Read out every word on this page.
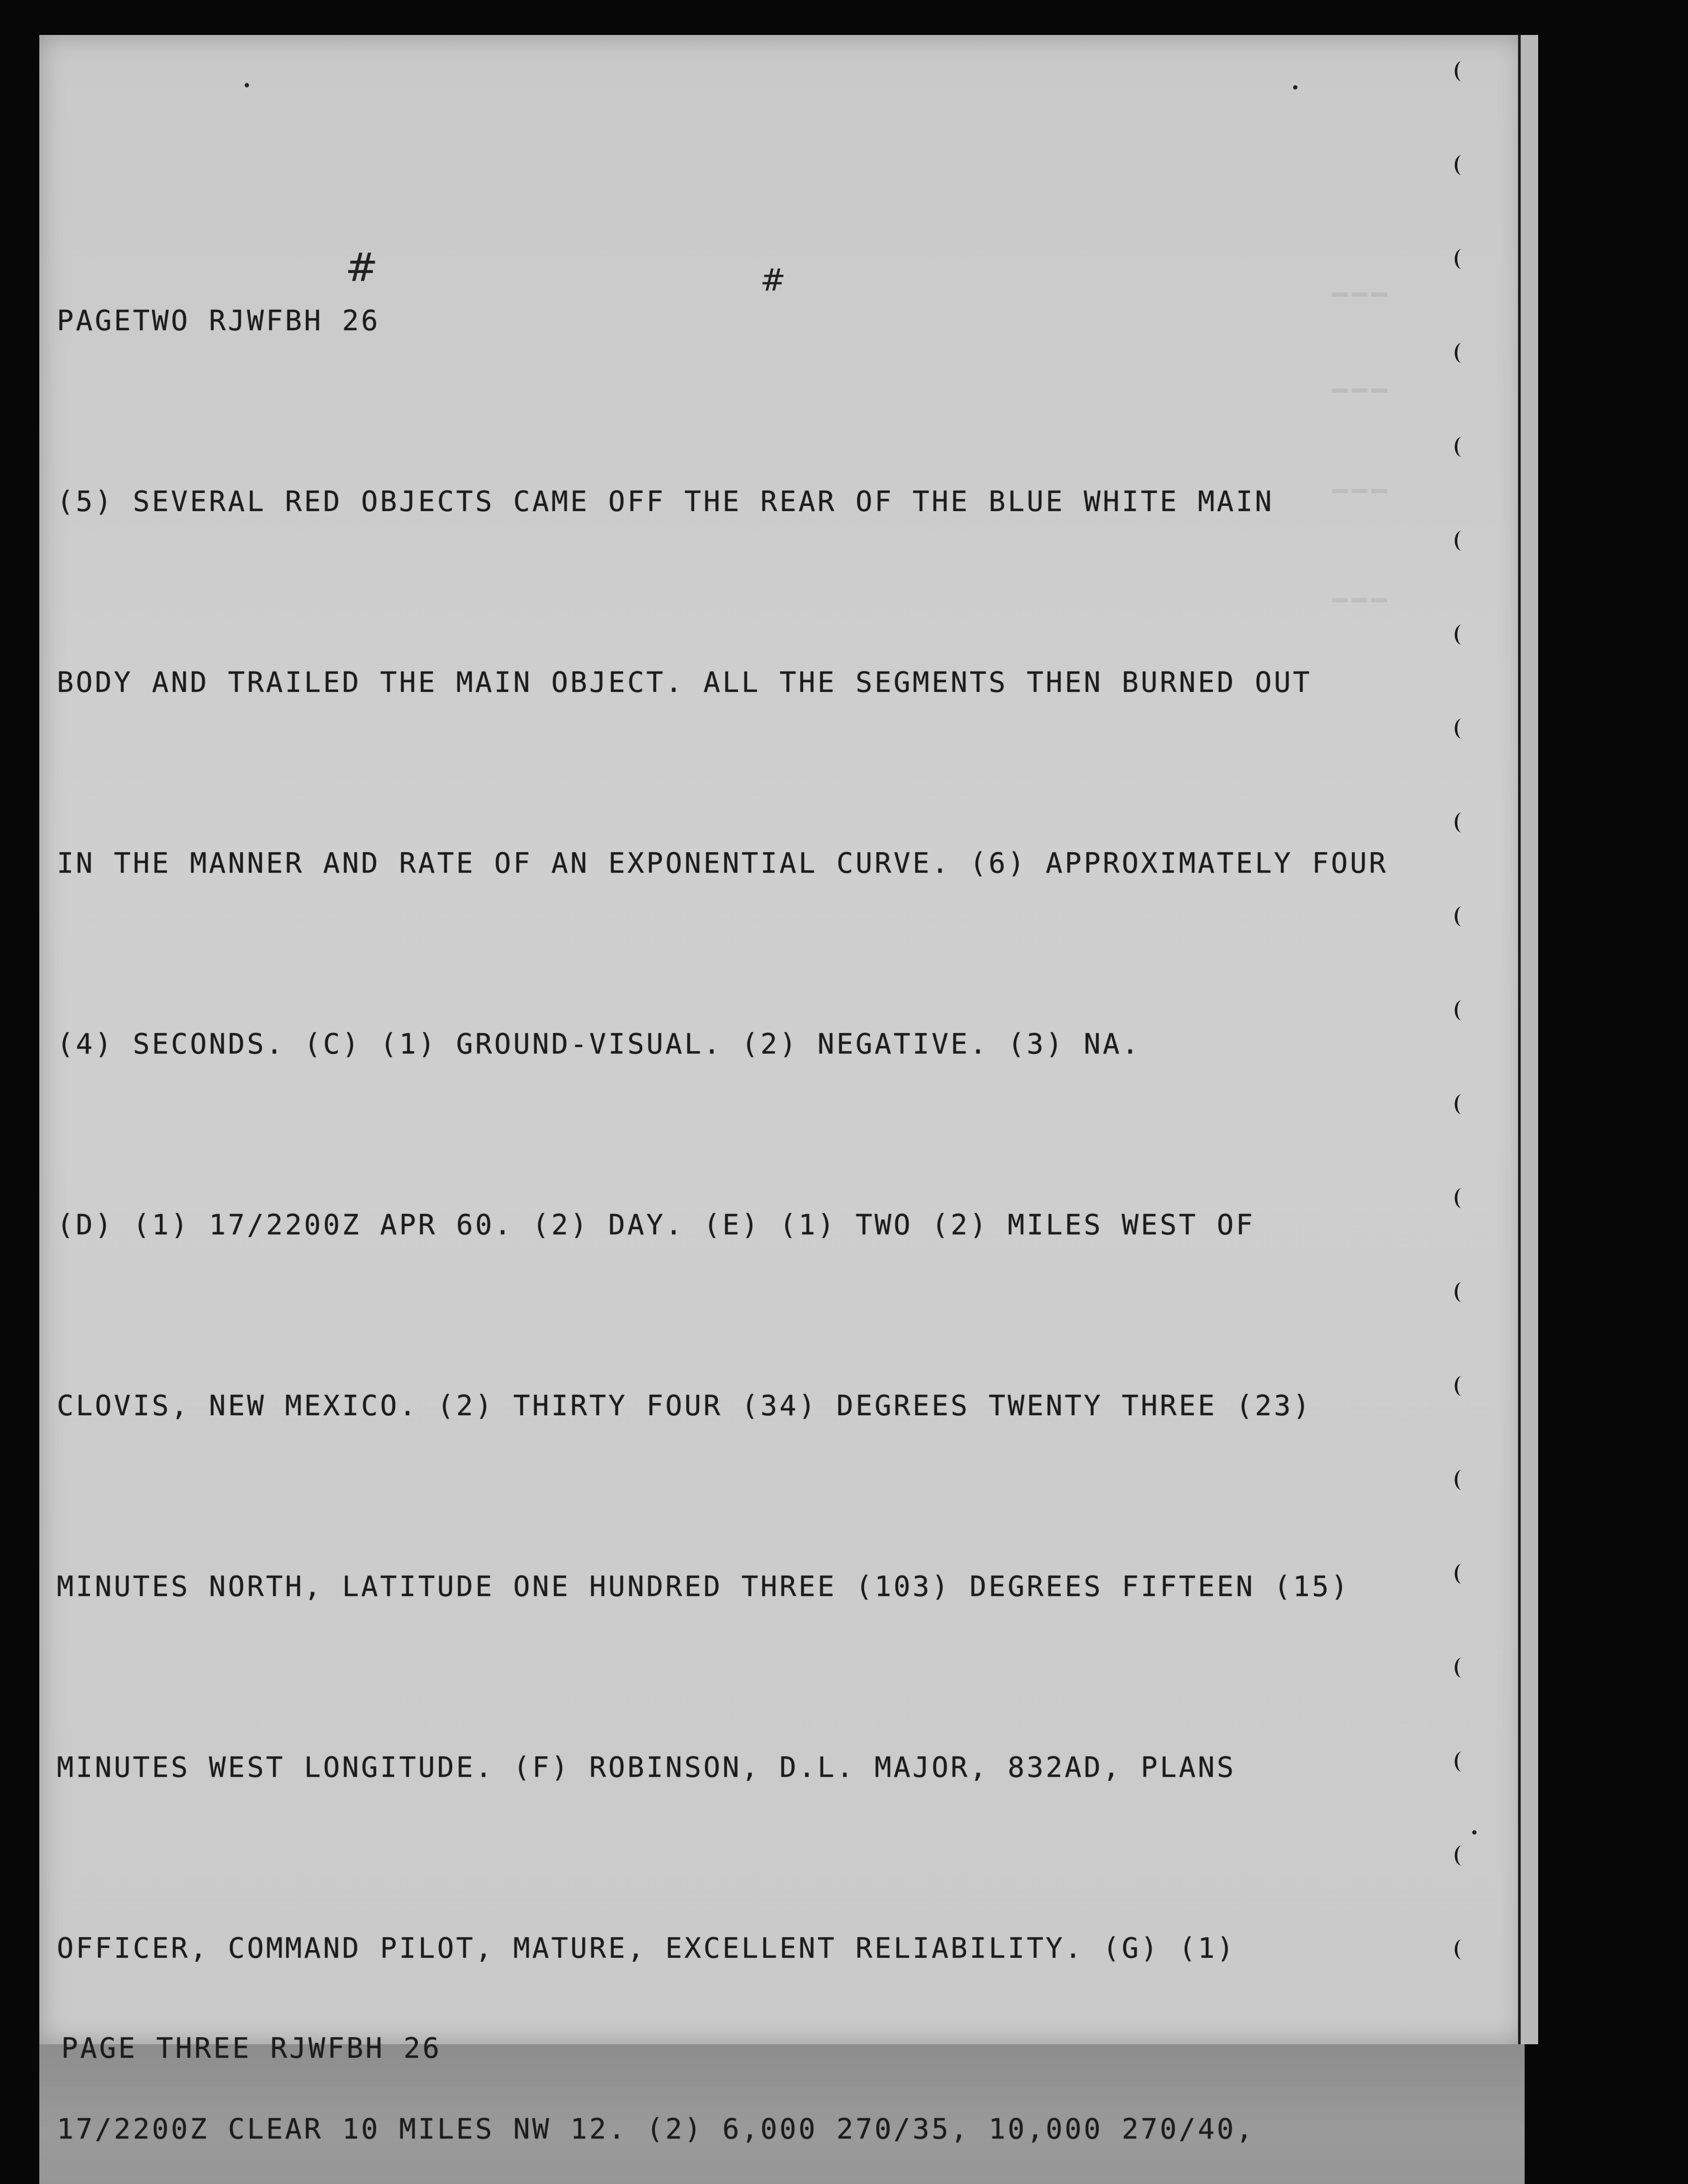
━━━
━━━
━━━
━━━

PAGETWO RJWFBH 26

(5) SEVERAL RED OBJECTS CAME OFF THE REAR OF THE BLUE WHITE MAIN

BODY AND TRAILED THE MAIN OBJECT. ALL THE SEGMENTS THEN BURNED OUT

IN THE MANNER AND RATE OF AN EXPONENTIAL CURVE. (6) APPROXIMATELY FOUR

(4) SECONDS. (C) (1) GROUND-VISUAL. (2) NEGATIVE. (3) NA.

(D) (1) 17/2200Z APR 60. (2) DAY. (E) (1) TWO (2) MILES WEST OF

CLOVIS, NEW MEXICO. (2) THIRTY FOUR (34) DEGREES TWENTY THREE (23)

MINUTES NORTH, LATITUDE ONE HUNDRED THREE (103) DEGREES FIFTEEN (15)

MINUTES WEST LONGITUDE. (F) ROBINSON, D.L. MAJOR, 832AD, PLANS

OFFICER, COMMAND PILOT, MATURE, EXCELLENT RELIABILITY. (G) (1)

17/2200Z CLEAR 10 MILES NW 12. (2) 6,000 270/35, 10,000 270/40,

#	#

PAGE THREE RJWFBH 26
